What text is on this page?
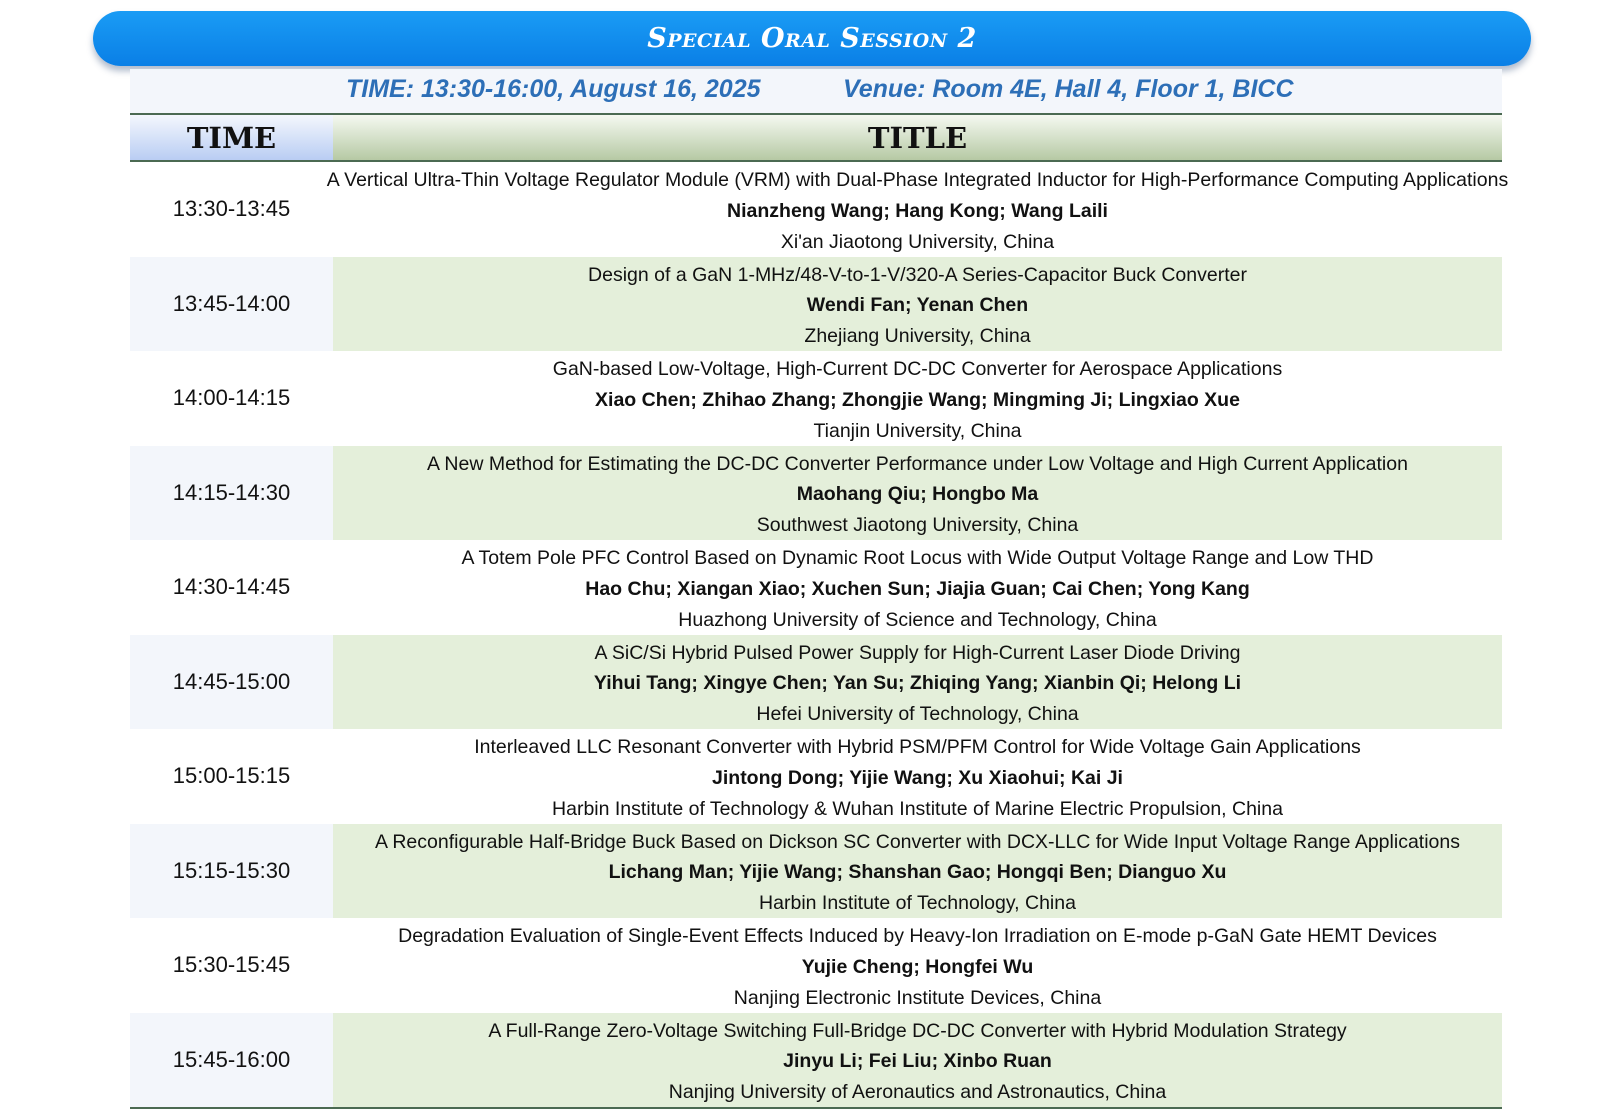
Special Oral Session 2
TIME: 13:30-16:00, August 16, 2025	Venue: Room 4E, Hall 4, Floor 1, BICC
TIME	TITLE
13:30-13:45
A Vertical Ultra-Thin Voltage Regulator Module (VRM) with Dual-Phase Integrated Inductor for High-Performance Computing Applications
Nianzheng Wang; Hang Kong; Wang Laili
Xi'an Jiaotong University, China
13:45-14:00
Design of a GaN 1-MHz/48-V-to-1-V/320-A Series-Capacitor Buck Converter
Wendi Fan; Yenan Chen
Zhejiang University, China
14:00-14:15
GaN-based Low-Voltage, High-Current DC-DC Converter for Aerospace Applications
Xiao Chen; Zhihao Zhang; Zhongjie Wang; Mingming Ji; Lingxiao Xue
Tianjin University, China
14:15-14:30
A New Method for Estimating the DC-DC Converter Performance under Low Voltage and High Current Application
Maohang Qiu; Hongbo Ma
Southwest Jiaotong University, China
14:30-14:45
A Totem Pole PFC Control Based on Dynamic Root Locus with Wide Output Voltage Range and Low THD
Hao Chu; Xiangan Xiao; Xuchen Sun; Jiajia Guan; Cai Chen; Yong Kang
Huazhong University of Science and Technology, China
14:45-15:00
A SiC/Si Hybrid Pulsed Power Supply for High-Current Laser Diode Driving
Yihui Tang; Xingye Chen; Yan Su; Zhiqing Yang; Xianbin Qi; Helong Li
Hefei University of Technology, China
15:00-15:15
Interleaved LLC Resonant Converter with Hybrid PSM/PFM Control for Wide Voltage Gain Applications
Jintong Dong; Yijie Wang; Xu Xiaohui; Kai Ji
Harbin Institute of Technology & Wuhan Institute of Marine Electric Propulsion, China
15:15-15:30
A Reconfigurable Half-Bridge Buck Based on Dickson SC Converter with DCX-LLC for Wide Input Voltage Range Applications
Lichang Man; Yijie Wang; Shanshan Gao; Hongqi Ben; Dianguo Xu
Harbin Institute of Technology, China
15:30-15:45
Degradation Evaluation of Single-Event Effects Induced by Heavy-Ion Irradiation on E-mode p-GaN Gate HEMT Devices
Yujie Cheng; Hongfei Wu
Nanjing Electronic Institute Devices, China
15:45-16:00
A Full-Range Zero-Voltage Switching Full-Bridge DC-DC Converter with Hybrid Modulation Strategy
Jinyu Li; Fei Liu; Xinbo Ruan
Nanjing University of Aeronautics and Astronautics, China
